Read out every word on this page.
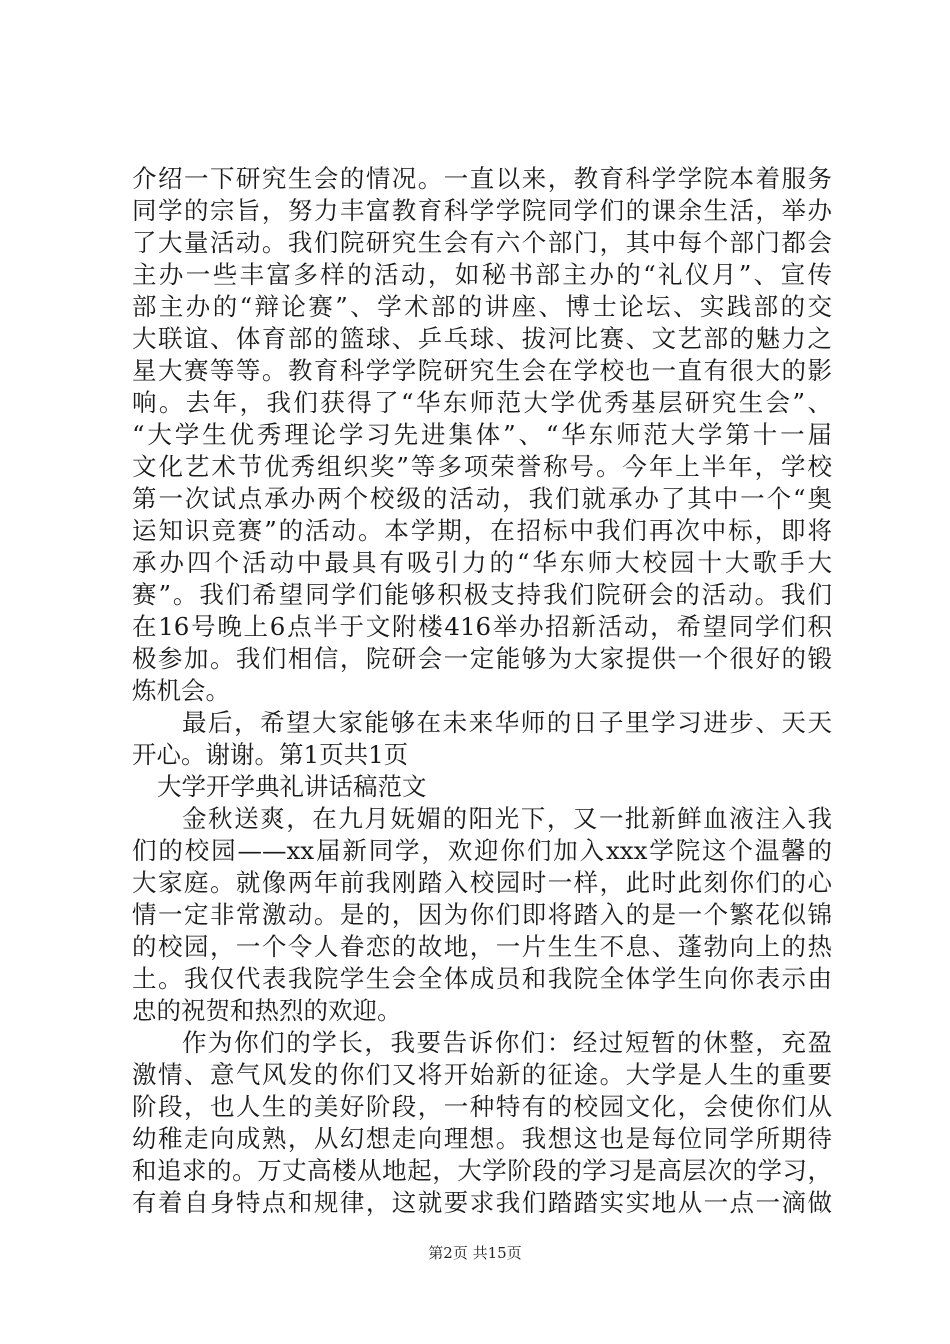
介绍一下研究生会的情况。一直以来，教育科学学院本着服务
同学的宗旨，努力丰富教育科学学院同学们的课余生活，举办
了大量活动。我们院研究生会有六个部门，其中每个部门都会
主办一些丰富多样的活动，如秘书部主办的“礼仪月”、宣传
部主办的“辩论赛”、学术部的讲座、博士论坛、实践部的交
大联谊、体育部的篮球、乒乓球、拔河比赛、文艺部的魅力之
星大赛等等。教育科学学院研究生会在学校也一直有很大的影
响。去年，我们获得了“华东师范大学优秀基层研究生会”、
“大学生优秀理论学习先进集体”、“华东师范大学第十一届
文化艺术节优秀组织奖”等多项荣誉称号。今年上半年，学校
第一次试点承办两个校级的活动，我们就承办了其中一个“奥
运知识竞赛”的活动。本学期，在招标中我们再次中标，即将
承办四个活动中最具有吸引力的“华东师大校园十大歌手大
赛”。我们希望同学们能够积极支持我们院研会的活动。我们
在16号晚上6点半于文附楼416举办招新活动，希望同学们积
极参加。我们相信，院研会一定能够为大家提供一个很好的锻
炼机会。
最后，希望大家能够在未来华师的日子里学习进步、天天
开心。谢谢。第1页共1页
大学开学典礼讲话稿范文
金秋送爽，在九月妩媚的阳光下，又一批新鲜血液注入我
们的校园——xx届新同学，欢迎你们加入xxx学院这个温馨的
大家庭。就像两年前我刚踏入校园时一样，此时此刻你们的心
情一定非常激动。是的，因为你们即将踏入的是一个繁花似锦
的校园，一个令人眷恋的故地，一片生生不息、蓬勃向上的热
土。我仅代表我院学生会全体成员和我院全体学生向你表示由
忠的祝贺和热烈的欢迎。
作为你们的学长，我要告诉你们：经过短暂的休整，充盈
激情、意气风发的你们又将开始新的征途。大学是人生的重要
阶段，也人生的美好阶段，一种特有的校园文化，会使你们从
幼稚走向成熟，从幻想走向理想。我想这也是每位同学所期待
和追求的。万丈高楼从地起，大学阶段的学习是高层次的学习，
有着自身特点和规律，这就要求我们踏踏实实地从一点一滴做
第2页 共15页
